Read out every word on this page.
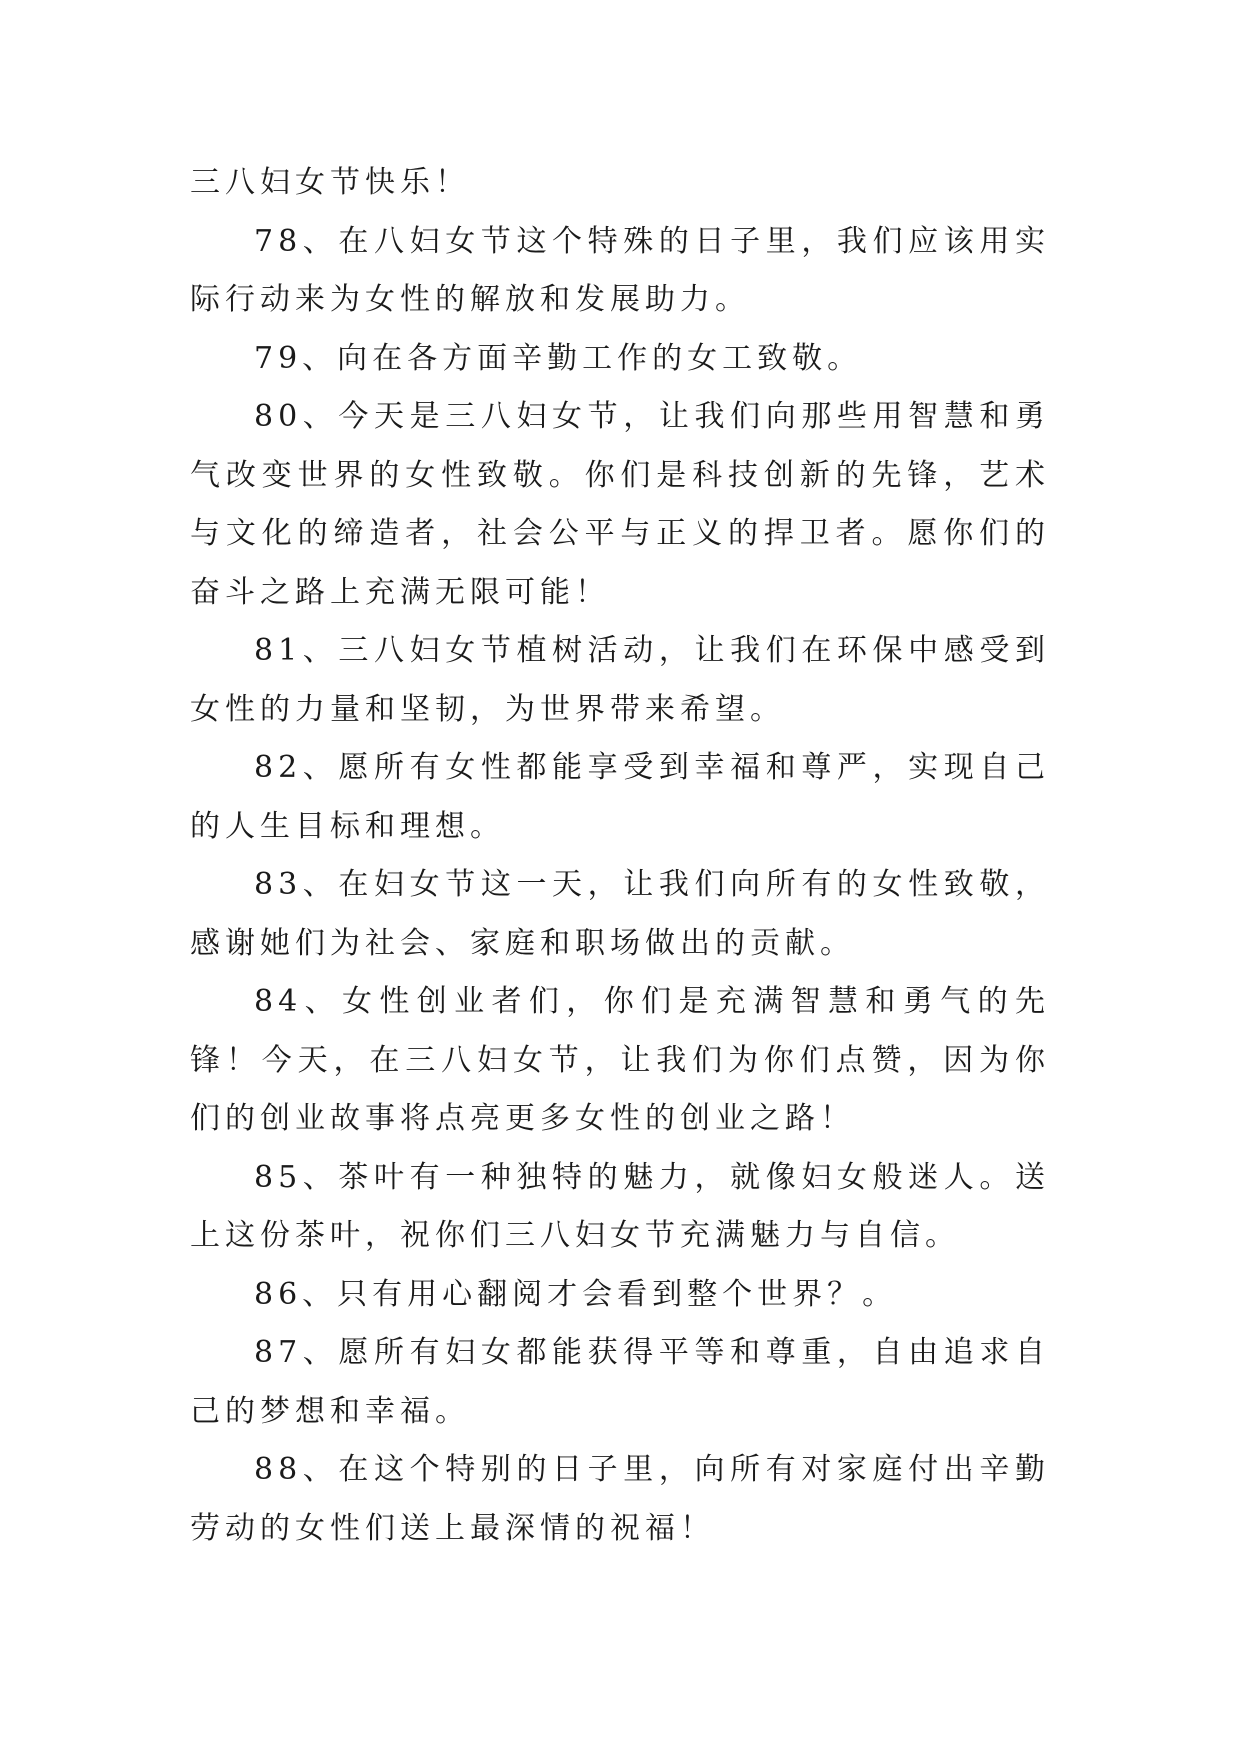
三八妇女节快乐！

78、在八妇女节这个特殊的日子里，我们应该用实际行动来为女性的解放和发展助力。

79、向在各方面辛勤工作的女工致敬。

80、今天是三八妇女节，让我们向那些用智慧和勇气改变世界的女性致敬。你们是科技创新的先锋，艺术与文化的缔造者，社会公平与正义的捍卫者。愿你们的奋斗之路上充满无限可能！

81、三八妇女节植树活动，让我们在环保中感受到女性的力量和坚韧，为世界带来希望。

82、愿所有女性都能享受到幸福和尊严，实现自己的人生目标和理想。

83、在妇女节这一天，让我们向所有的女性致敬，感谢她们为社会、家庭和职场做出的贡献。

84、女性创业者们，你们是充满智慧和勇气的先锋！今天，在三八妇女节，让我们为你们点赞，因为你们的创业故事将点亮更多女性的创业之路！

85、茶叶有一种独特的魅力，就像妇女般迷人。送上这份茶叶，祝你们三八妇女节充满魅力与自信。

86、只有用心翻阅才会看到整个世界？。

87、愿所有妇女都能获得平等和尊重，自由追求自己的梦想和幸福。

88、在这个特别的日子里，向所有对家庭付出辛勤劳动的女性们送上最深情的祝福！
